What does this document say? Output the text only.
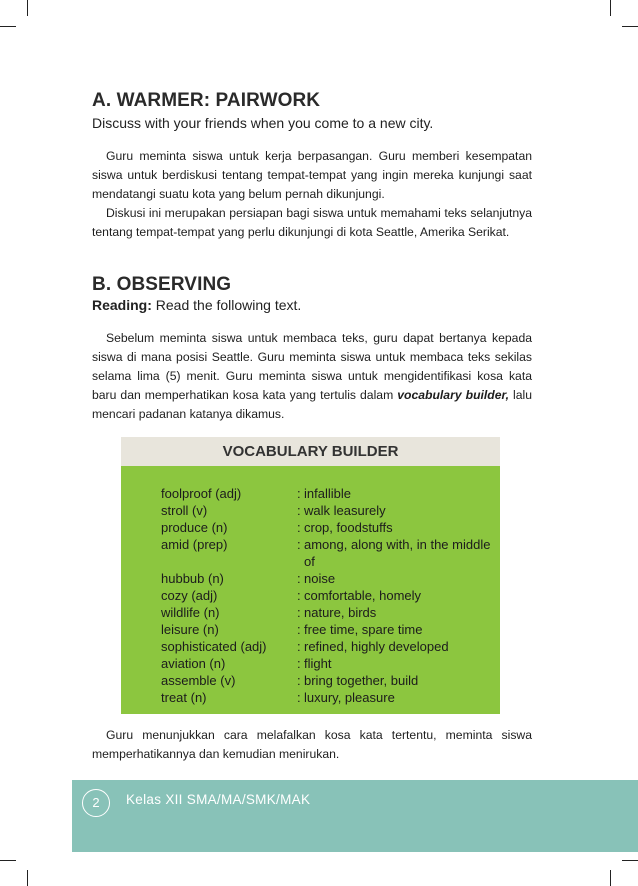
A. WARMER: PAIRWORK
Discuss with your friends when you come to a new city.

Guru meminta siswa untuk kerja berpasangan. Guru memberi kesempatan siswa untuk berdiskusi tentang tempat-tempat yang ingin mereka kunjungi saat mendatangi suatu kota yang belum pernah dikunjungi.

Diskusi ini merupakan persiapan bagi siswa untuk memahami teks selanjutnya tentang tempat-tempat yang perlu dikunjungi di kota Seattle, Amerika Serikat.

B. OBSERVING
Reading: Read the following text.

Sebelum meminta siswa untuk membaca teks, guru dapat bertanya kepada siswa di mana posisi Seattle. Guru meminta siswa untuk membaca teks sekilas selama lima (5) menit. Guru meminta siswa untuk mengidentifikasi kosa kata baru dan memperhatikan kosa kata yang tertulis dalam vocabulary builder, lalu mencari padanan katanya dikamus.

VOCABULARY BUILDER
foolproof (adj)	: infallible
stroll (v)	: walk leasurely
produce (n)	: crop, foodstuffs
amid (prep)	: among, along with, in the middle of
hubbub (n)	: noise
cozy (adj)	: comfortable, homely
wildlife (n)	: nature, birds
leisure (n)	: free time, spare time
sophisticated (adj) : refined, highly developed
aviation (n)	: flight
assemble (v)	: bring together, build
treat (n)	: luxury, pleasure

Guru menunjukkan cara melafalkan kosa kata tertentu, meminta siswa memperhatikannya dan kemudian menirukan.

2	Kelas XII SMA/MA/SMK/MAK
